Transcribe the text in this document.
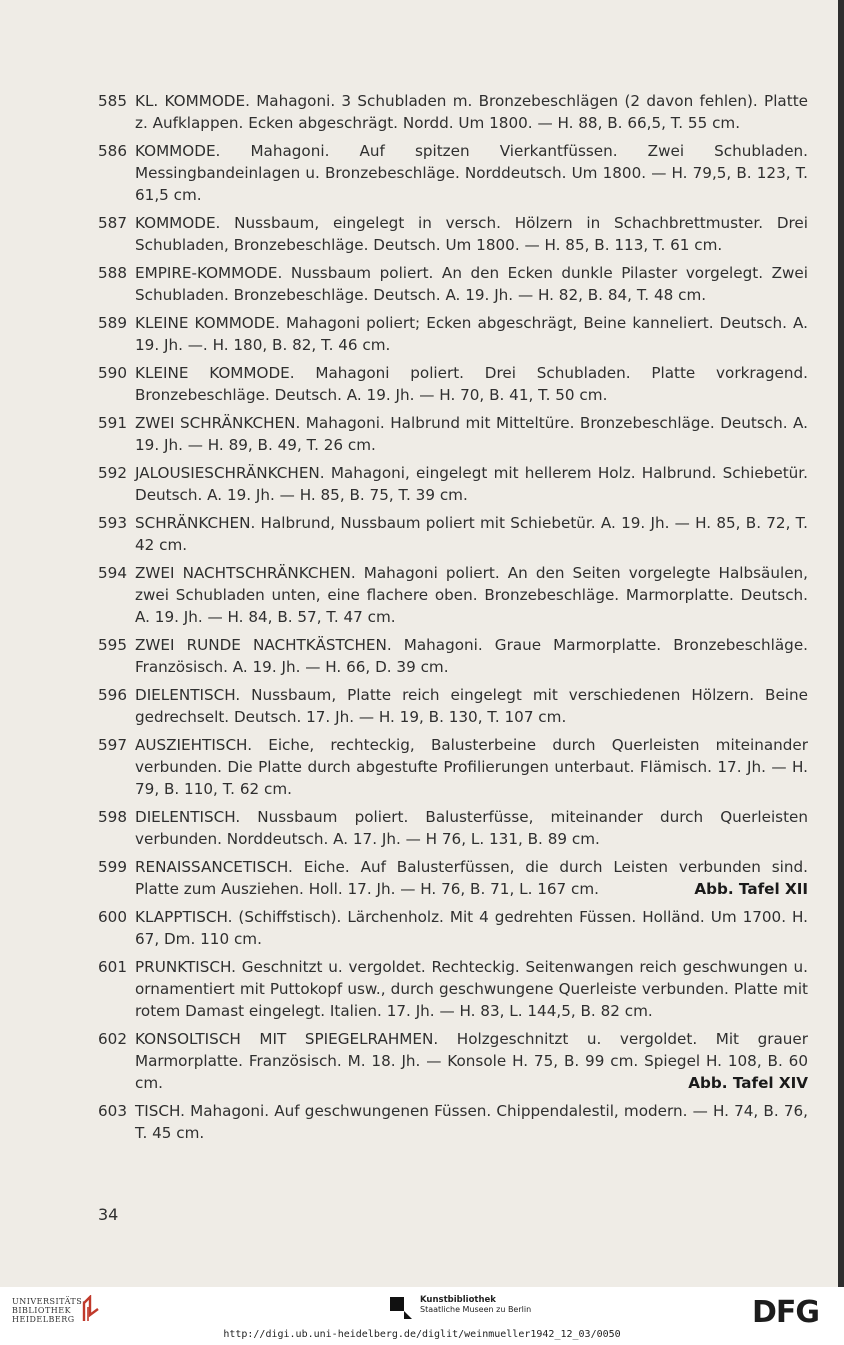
585 KL. KOMMODE. Mahagoni. 3 Schubladen m. Bronzebeschlägen (2 davon fehlen). Platte z. Aufklappen. Ecken abgeschrägt. Nordd. Um 1800. — H. 88, B. 66,5, T. 55 cm.
586 KOMMODE. Mahagoni. Auf spitzen Vierkantfüssen. Zwei Schubladen. Messingbandeinlagen u. Bronzebeschläge. Norddeutsch. Um 1800. — H. 79,5, B. 123, T. 61,5 cm.
587 KOMMODE. Nussbaum, eingelegt in versch. Hölzern in Schachbrettmuster. Drei Schubladen, Bronzebeschläge. Deutsch. Um 1800. — H. 85, B. 113, T. 61 cm.
588 EMPIRE-KOMMODE. Nussbaum poliert. An den Ecken dunkle Pilaster vorgelegt. Zwei Schubladen. Bronzebeschläge. Deutsch. A. 19. Jh. — H. 82, B. 84, T. 48 cm.
589 KLEINE KOMMODE. Mahagoni poliert; Ecken abgeschrägt, Beine kanneliert. Deutsch. A. 19. Jh. —. H. 180, B. 82, T. 46 cm.
590 KLEINE KOMMODE. Mahagoni poliert. Drei Schubladen. Platte vorkragend. Bronzebeschläge. Deutsch. A. 19. Jh. — H. 70, B. 41, T. 50 cm.
591 ZWEI SCHRÄNKCHEN. Mahagoni. Halbrund mit Mitteltüre. Bronzebeschläge. Deutsch. A. 19. Jh. — H. 89, B. 49, T. 26 cm.
592 JALOUSIESCHRÄNKCHEN. Mahagoni, eingelegt mit hellerem Holz. Halbrund. Schiebetür. Deutsch. A. 19. Jh. — H. 85, B. 75, T. 39 cm.
593 SCHRÄNKCHEN. Halbrund, Nussbaum poliert mit Schiebetür. A. 19. Jh. — H. 85, B. 72, T. 42 cm.
594 ZWEI NACHTSCHRÄNKCHEN. Mahagoni poliert. An den Seiten vorgelegte Halbsäulen, zwei Schubladen unten, eine flachere oben. Bronzebeschläge. Marmorplatte. Deutsch. A. 19. Jh. — H. 84, B. 57, T. 47 cm.
595 ZWEI RUNDE NACHTKÄSTCHEN. Mahagoni. Graue Marmorplatte. Bronzebeschläge. Französisch. A. 19. Jh. — H. 66, D. 39 cm.
596 DIELENTISCH. Nussbaum, Platte reich eingelegt mit verschiedenen Hölzern. Beine gedrechselt. Deutsch. 17. Jh. — H. 19, B. 130, T. 107 cm.
597 AUSZIEHTISCH. Eiche, rechteckig, Balusterbeine durch Querleisten miteinander verbunden. Die Platte durch abgestufte Profilierungen unterbaut. Flämisch. 17. Jh. — H. 79, B. 110, T. 62 cm.
598 DIELENTISCH. Nussbaum poliert. Balusterfüsse, miteinander durch Querleisten verbunden. Norddeutsch. A. 17. Jh. — H 76, L. 131, B. 89 cm.
599 RENAISSANCETISCH. Eiche. Auf Balusterfüssen, die durch Leisten verbunden sind. Platte zum Ausziehen. Holl. 17. Jh. — H. 76, B. 71, L. 167 cm.	Abb. Tafel XII
600 KLAPPTISCH. (Schiffstisch). Lärchenholz. Mit 4 gedrehten Füssen. Holländ. Um 1700. H. 67, Dm. 110 cm.
601 PRUNKTISCH. Geschnitzt u. vergoldet. Rechteckig. Seitenwangen reich geschwungen u. ornamentiert mit Puttokopf usw., durch geschwungene Querleiste verbunden. Platte mit rotem Damast eingelegt. Italien. 17. Jh. — H. 83, L. 144,5, B. 82 cm.
602 KONSOLTISCH MIT SPIEGELRAHMEN. Holzgeschnitzt u. vergoldet. Mit grauer Marmorplatte. Französisch. M. 18. Jh. — Konsole H. 75, B. 99 cm. Spiegel H. 108, B. 60 cm.	Abb. Tafel XIV
603 TISCH. Mahagoni. Auf geschwungenen Füssen. Chippendalestil, modern. — H. 74, B. 76, T. 45 cm.
34
UNIVERSITÄTS-
BIBLIOTHEK
HEIDELBERG
Kunstbibliothek
Staatliche Museen zu Berlin	DFG
http://digi.ub.uni-heidelberg.de/diglit/weinmueller1942_12_03/0050
